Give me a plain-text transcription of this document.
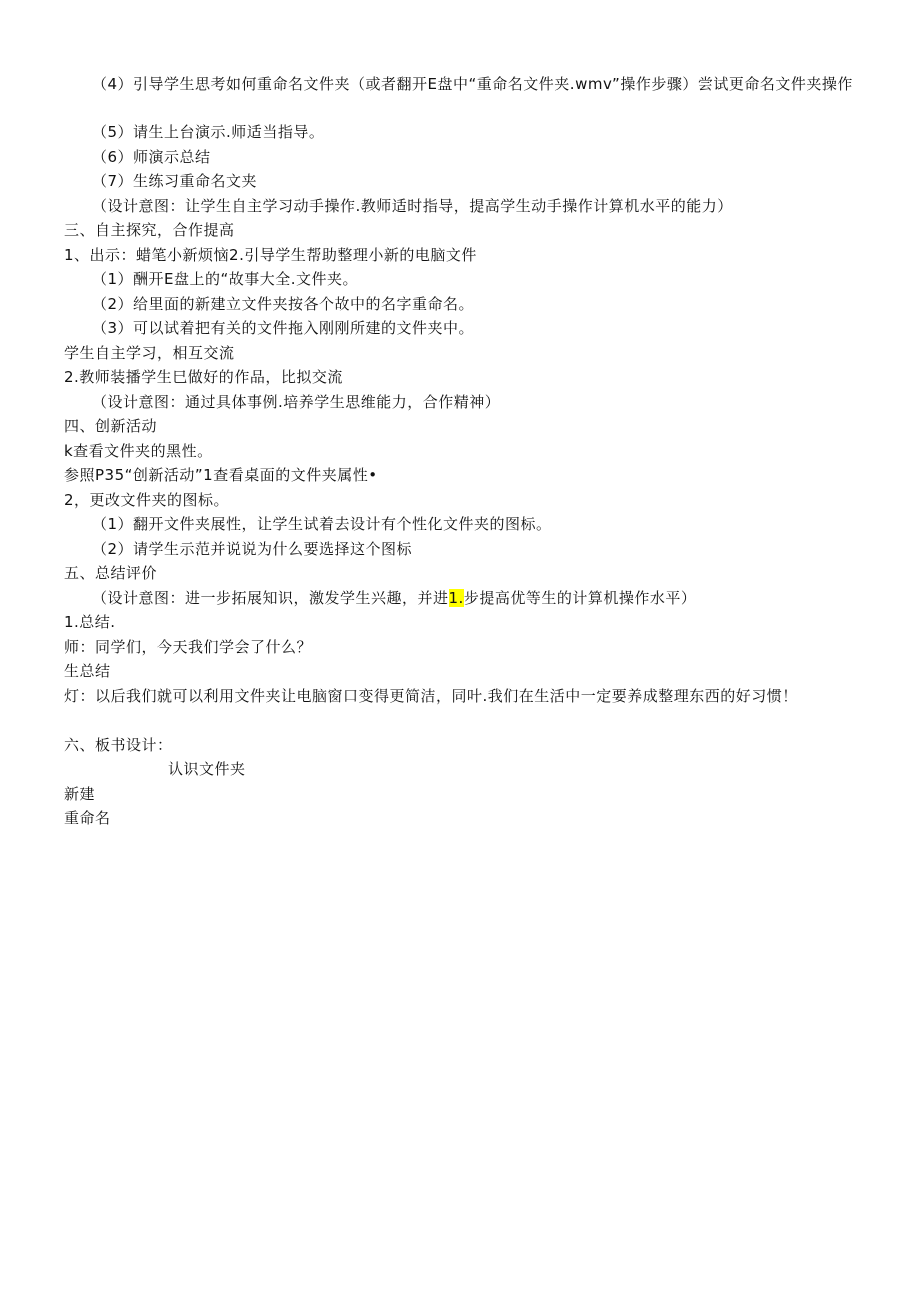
（4）引导学生思考如何重命名文件夹（或者翻开E盘中“重命名文件夹.wmv”操作步骤）尝试更命名文件夹操作
（5）请生上台演示.师适当指导。
（6）师演示总结
（7）生练习重命名文夹
（设计意图：让学生自主学习动手操作.教师适时指导，提高学生动手操作计算机水平的能力）
三、自主探究，合作提高
1、出示：蜡笔小新烦恼2.引导学生帮助整理小新的电脑文件
（1）酬开E盘上的“故事大全.文件夹。
（2）给里面的新建立文件夹按各个故中的名字重命名。
（3）可以试着把有关的文件拖入刚刚所建的文件夹中。
学生自主学习，相互交流
2.教师装播学生巳做好的作品，比拟交流
（设计意图：通过具体事例.培养学生思维能力，合作精神）
四、创新活动
k查看文件夹的黑性。
参照P35“创新活动”1查看桌面的文件夹属性•
2，更改文件夹的图标。
（1）翻开文件夹展性，让学生试着去设计有个性化文件夹的图标。
（2）请学生示范并说说为什么要选择这个图标
五、总结评价
（设计意图：进一步拓展知识，激发学生兴趣，并进1.步提高优等生的计算机操作水平）
1.总结.
师：同学们，今天我们学会了什么？
生总结
灯：以后我们就可以利用文件夹让电脑窗口变得更简洁，同叶.我们在生活中一定要养成整理东西的好习惯！
六、板书设计：
认识文件夹
新建
重命名
